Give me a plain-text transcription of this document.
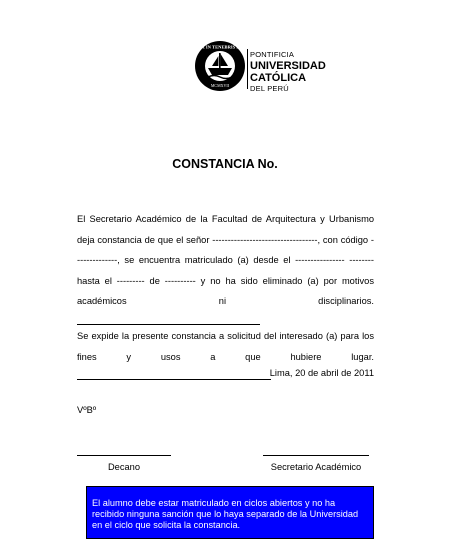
ET LUX IN TENEBRIS LUCET
MCMXVII
PONTIFICIA
UNIVERSIDAD
CATÓLICA
DEL PERÚ
CONSTANCIA No.
El Secretario Académico de la Facultad de Arquitectura y Urbanismo deja constancia de que el señor ----------------------------------, con código --------------, se encuentra matriculado (a) desde el ---------------- --------hasta el --------- de ---------- y no ha sido eliminado (a) por motivos académicos ni disciplinarios.
Se expide la presente constancia a solicitud del interesado (a) para los fines y usos a que hubiere lugar.
Lima, 20 de abril de 2011
VºBº
Decano	Secretario Académico
El alumno debe estar matriculado en ciclos abiertos y no ha recibido ninguna sanción que lo haya separado de la Universidad en el ciclo que solicita la constancia.
